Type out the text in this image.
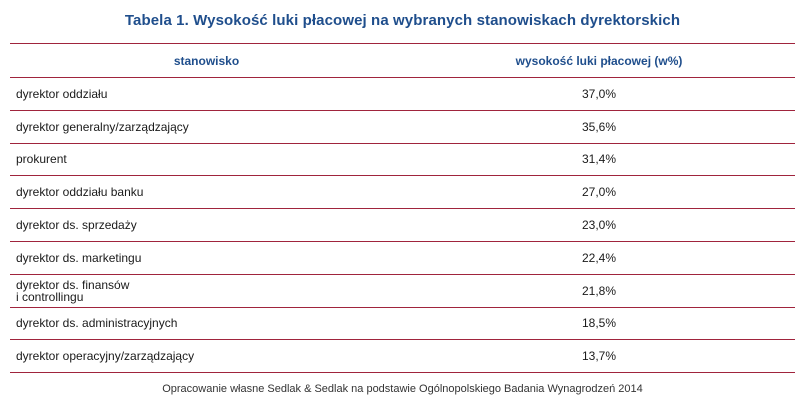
Tabela 1. Wysokość luki płacowej na wybranych stanowiskach dyrektorskich
stanowisko	wysokość luki płacowej (w%)
dyrektor oddziału	37,0%
dyrektor generalny/zarządzający	35,6%
prokurent	31,4%
dyrektor oddziału banku	27,0%
dyrektor ds. sprzedaży	23,0%
dyrektor ds. marketingu	22,4%
dyrektor ds. finansów
i controllingu	21,8%
dyrektor ds. administracyjnych	18,5%
dyrektor operacyjny/zarządzający	13,7%
Opracowanie własne Sedlak & Sedlak na podstawie Ogólnopolskiego Badania Wynagrodzeń 2014
